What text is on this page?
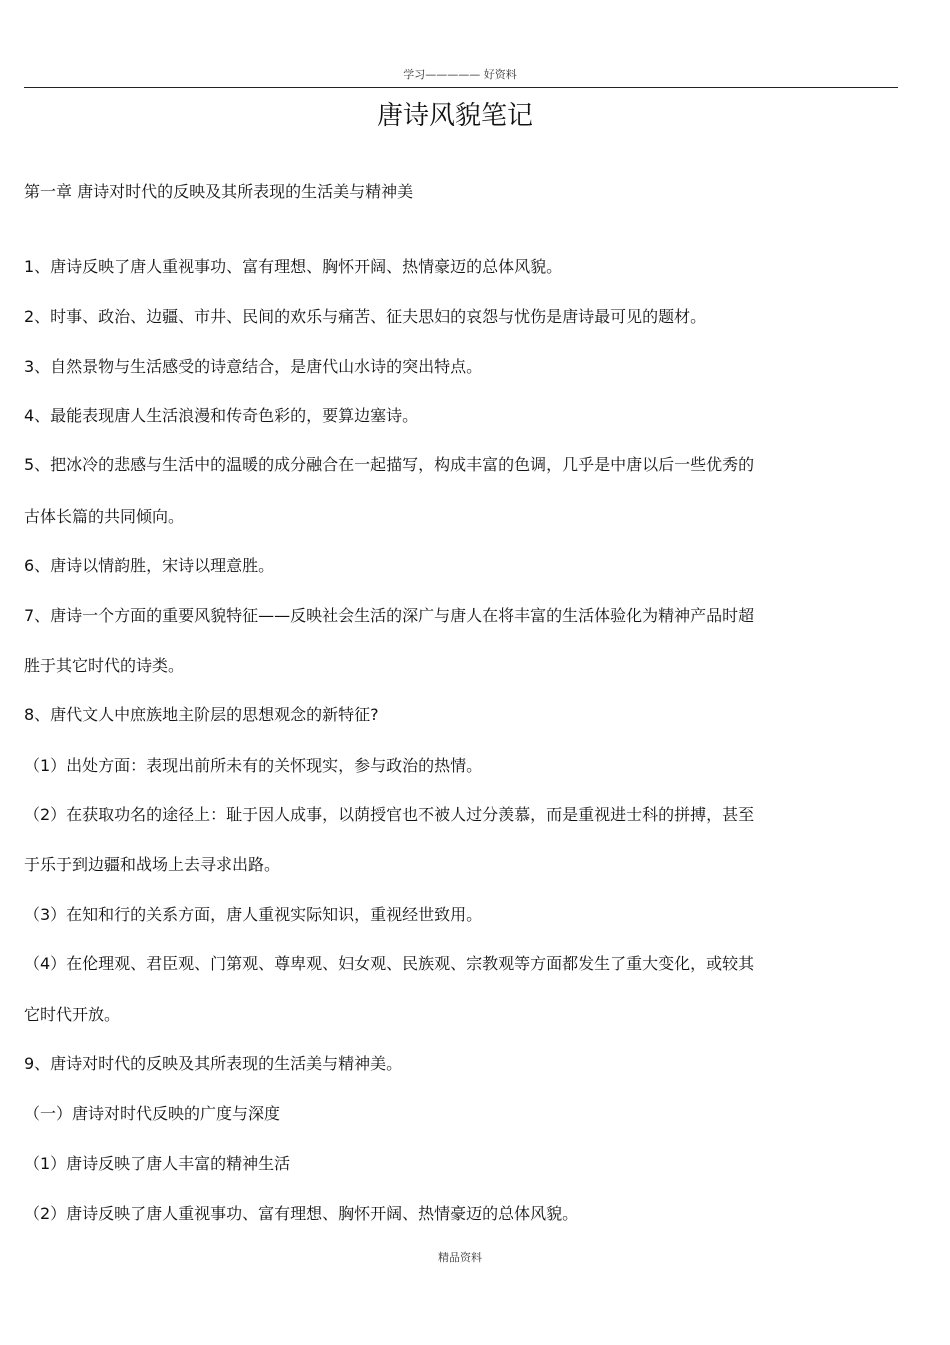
学习————— 好资料
唐诗风貌笔记
第一章 唐诗对时代的反映及其所表现的生活美与精神美
1、唐诗反映了唐人重视事功、富有理想、胸怀开阔、热情豪迈的总体风貌。
2、时事、政治、边疆、市井、民间的欢乐与痛苦、征夫思妇的哀怨与忧伤是唐诗最可见的题材。
3、自然景物与生活感受的诗意结合，是唐代山水诗的突出特点。
4、最能表现唐人生活浪漫和传奇色彩的，要算边塞诗。
5、把冰冷的悲感与生活中的温暖的成分融合在一起描写，构成丰富的色调，几乎是中唐以后一些优秀的
古体长篇的共同倾向。
6、唐诗以情韵胜，宋诗以理意胜。
7、唐诗一个方面的重要风貌特征——反映社会生活的深广与唐人在将丰富的生活体验化为精神产品时超
胜于其它时代的诗类。
8、唐代文人中庶族地主阶层的思想观念的新特征?
（1）出处方面：表现出前所未有的关怀现实，参与政治的热情。
（2）在获取功名的途径上：耻于因人成事，以荫授官也不被人过分羡慕，而是重视进士科的拼搏，甚至
于乐于到边疆和战场上去寻求出路。
（3）在知和行的关系方面，唐人重视实际知识，重视经世致用。
（4）在伦理观、君臣观、门第观、尊卑观、妇女观、民族观、宗教观等方面都发生了重大变化，或较其
它时代开放。
9、唐诗对时代的反映及其所表现的生活美与精神美。
（一）唐诗对时代反映的广度与深度
（1）唐诗反映了唐人丰富的精神生活
（2）唐诗反映了唐人重视事功、富有理想、胸怀开阔、热情豪迈的总体风貌。
精品资料
